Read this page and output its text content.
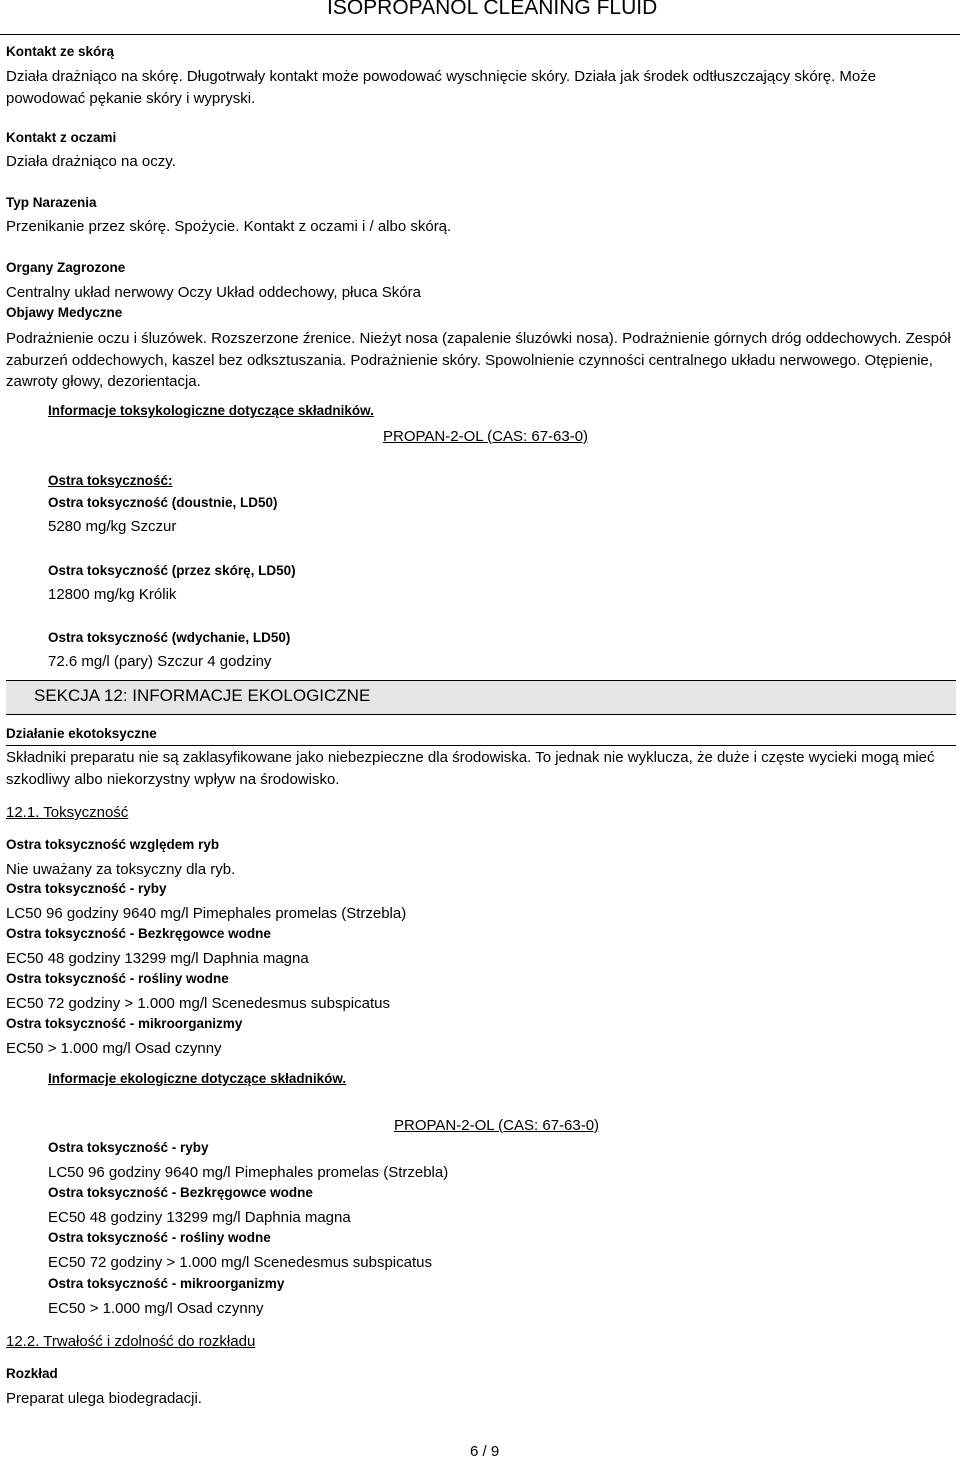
ISOPROPANOL CLEANING FLUID
Kontakt ze skórą
Działa drażniąco na skórę. Długotrwały kontakt może powodować wyschnięcie skóry. Działa jak środek odtłuszczający skórę. Może powodować pękanie skóry i wypryski.
Kontakt z oczami
Działa drażniąco na oczy.
Typ Narazenia
Przenikanie przez skórę. Spożycie. Kontakt z oczami i / albo skórą.
Organy Zagrozone
Centralny układ nerwowy Oczy Układ oddechowy, płuca Skóra
Objawy Medyczne
Podrażnienie oczu i śluzówek. Rozszerzone źrenice. Nieżyt nosa (zapalenie śluzówki nosa). Podrażnienie górnych dróg oddechowych. Zespół zaburzeń oddechowych, kaszel bez odksztuszania. Podrażnienie skóry. Spowolnienie czynności centralnego układu nerwowego. Otępienie, zawroty głowy, dezorientacja.
Informacje toksykologiczne dotyczące składników.
PROPAN-2-OL (CAS: 67-63-0)
Ostra toksyczność:
Ostra toksyczność (doustnie, LD50)
5280 mg/kg Szczur
Ostra toksyczność (przez skórę, LD50)
12800 mg/kg Królik
Ostra toksyczność (wdychanie, LD50)
72.6 mg/l (pary) Szczur 4 godziny
SEKCJA 12: INFORMACJE EKOLOGICZNE
Działanie ekotoksyczne
Składniki preparatu nie są zaklasyfikowane jako niebezpieczne dla środowiska. To jednak nie wyklucza, że duże i częste wycieki mogą mieć szkodliwy albo niekorzystny wpływ na środowisko.
12.1. Toksyczność
Ostra toksyczność względem ryb
Nie uważany za toksyczny dla ryb.
Ostra toksyczność - ryby
LC50 96 godziny 9640 mg/l Pimephales promelas (Strzebla)
Ostra toksyczność - Bezkręgowce wodne
EC50 48 godziny 13299 mg/l Daphnia magna
Ostra toksyczność - rośliny wodne
EC50 72 godziny > 1.000 mg/l Scenedesmus subspicatus
Ostra toksyczność - mikroorganizmy
EC50 > 1.000 mg/l Osad czynny
Informacje ekologiczne dotyczące składników.
PROPAN-2-OL (CAS: 67-63-0)
Ostra toksyczność - ryby
LC50 96 godziny 9640 mg/l Pimephales promelas (Strzebla)
Ostra toksyczność - Bezkręgowce wodne
EC50 48 godziny 13299 mg/l Daphnia magna
Ostra toksyczność - rośliny wodne
EC50 72 godziny > 1.000 mg/l Scenedesmus subspicatus
Ostra toksyczność - mikroorganizmy
EC50 > 1.000 mg/l Osad czynny
12.2. Trwałość i zdolność do rozkładu
Rozkład
Preparat ulega biodegradacji.
6 / 9
